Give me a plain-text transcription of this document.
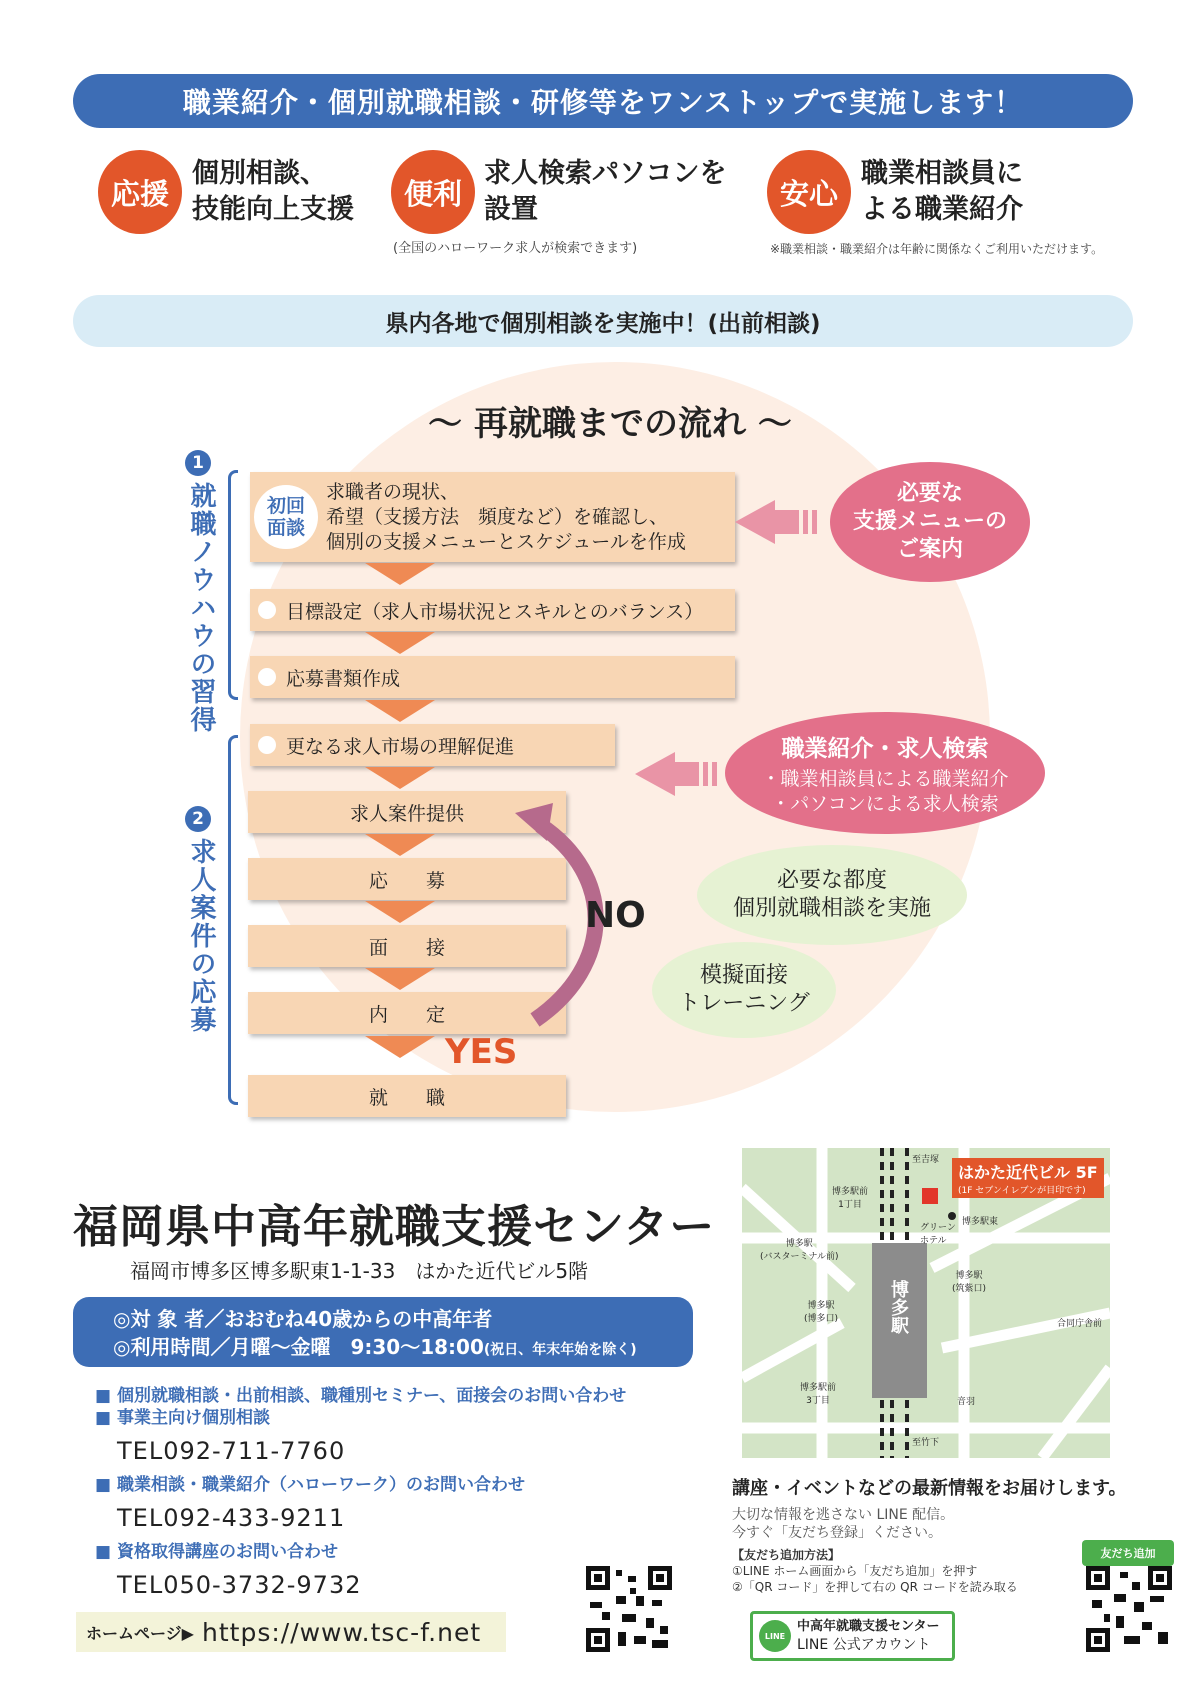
職業紹介・個別就職相談・研修等をワンストップで実施します！
応援
個別相談、
技能向上支援	便利
求人検索パソコンを
設置
(全国のハローワーク求人が検索できます)
安心
職業相談員に
よる職業紹介
※職業相談・職業紹介は年齢に関係なくご利用いただけます。
県内各地で個別相談を実施中！(出前相談)
〜 再就職までの流れ 〜
1
就職ノウハウの習得
2
求人案件の応募
初回
面談
求職者の現状、
希望（支援方法　頻度など）を確認し、
個別の支援メニューとスケジュールを作成
目標設定（求人市場状況とスキルとのバランス）
応募書類作成
更なる求人市場の理解促進
求人案件提供
応　　募
面　　接
内　　定
YES
就　　職
NO
必要な
支援メニューの
ご案内
職業紹介・求人検索
・職業相談員による職業紹介
・パソコンによる求人検索
必要な都度
個別就職相談を実施
模擬面接
トレーニング
福岡県中高年就職支援センター
福岡市博多区博多駅東1-1-33　はかた近代ビル5階
◎対 象 者／おおむね40歳からの中高年者
◎利用時間／月曜〜金曜　9:30〜18:00(祝日、年末年始を除く)
■ 個別就職相談・出前相談、職種別セミナー、面接会のお問い合わせ
■ 事業主向け個別相談
TEL092-711-7760
■ 職業相談・職業紹介（ハローワーク）のお問い合わせ
TEL092-433-9211
■ 資格取得講座のお問い合わせ
TEL050-3732-9732
ホームページ▶ https://www.tsc-f.net
博多駅
はかた近代ビル 5F
(1F セブンイレブンが目印です)
至吉塚
至竹下
博多駅前
1丁目
グリーン
ホテル
博多駅東
博多駅
(バスターミナル前)
博多駅
(筑紫口)
博多駅
(博多口)	合同庁舎前
博多駅前
3丁目	音羽
講座・イベントなどの最新情報をお届けします。
大切な情報を逃さない LINE 配信。
今すぐ「友だち登録」ください。
【友だち追加方法】
①LINE ホーム画面から「友だち追加」を押す
②「QR コード」を押して右の QR コードを読み取る
友だち追加
LINE
中高年就職支援センター
LINE 公式アカウント
